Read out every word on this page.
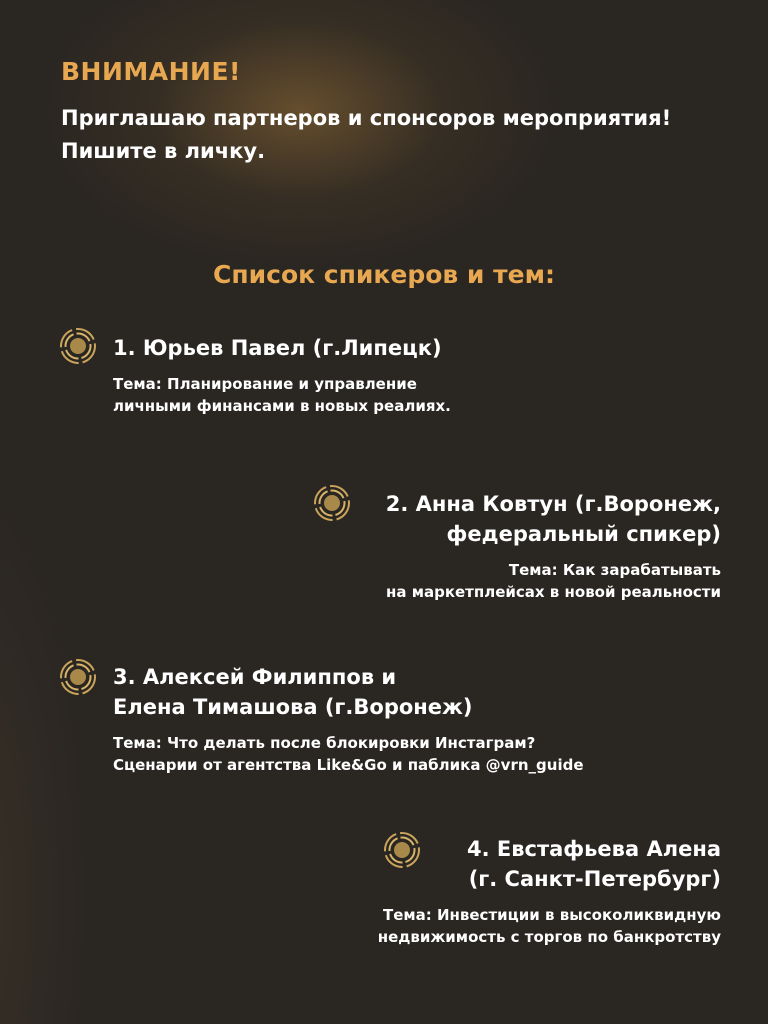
ВНИМАНИЕ!
Приглашаю партнеров и спонсоров мероприятия!
Пишите в личку.
Список спикеров и тем:
1. Юрьев Павел (г.Липецк)
Тема: Планирование и управление
личными финансами в новых реалиях.
2. Анна Ковтун (г.Воронеж,
федеральный спикер)
Тема: Как зарабатывать
на маркетплейсах в новой реальности
3. Алексей Филиппов и
Елена Тимашова (г.Воронеж)
Тема: Что делать после блокировки Инстаграм?
Сценарии от агентства Like&Go и паблика @vrn_guide
4. Евстафьева Алена
(г. Санкт-Петербург)
Тема: Инвестиции в высоколиквидную
недвижимость с торгов по банкротству
